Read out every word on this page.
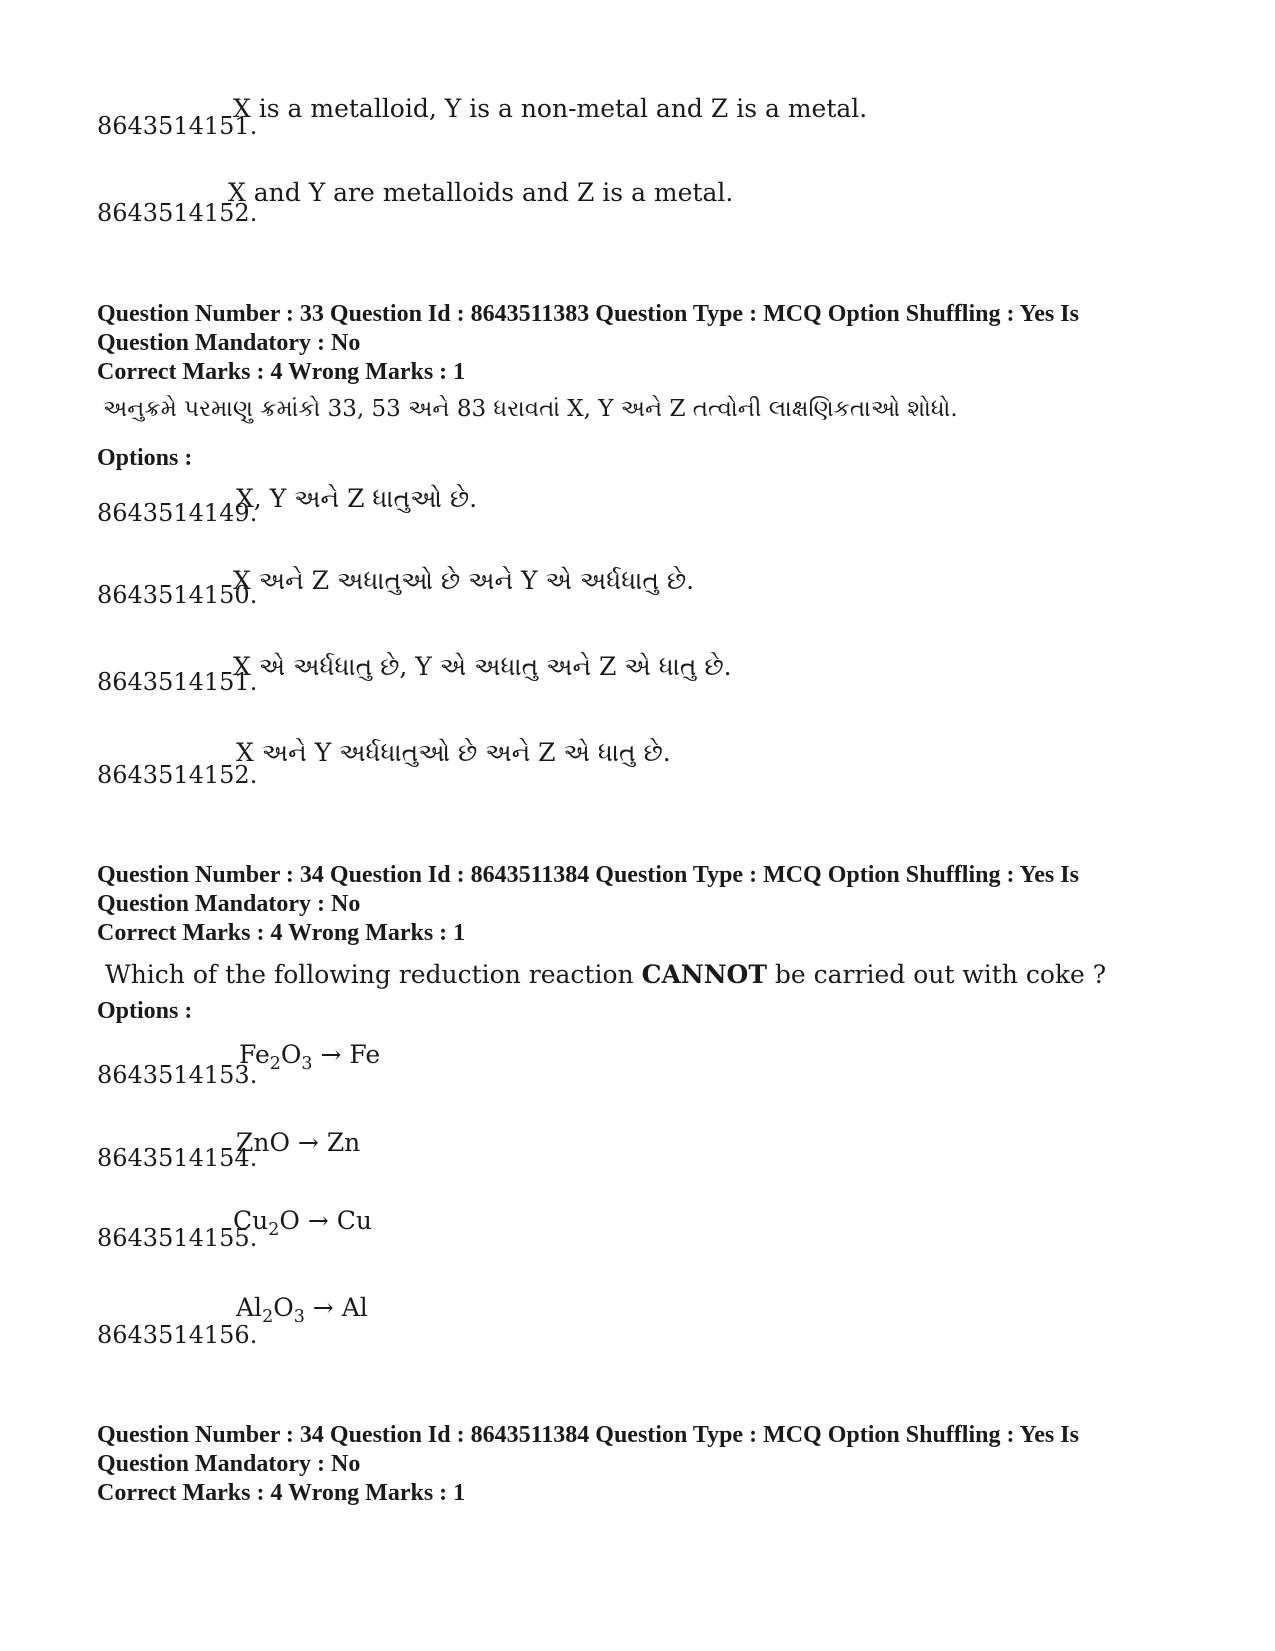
X is a metalloid, Y is a non-metal and Z is a metal.
8643514151.
X and Y are metalloids and Z is a metal.
8643514152.
Question Number : 33 Question Id : 8643511383 Question Type : MCQ Option Shuffling : Yes Is
Question Mandatory : No
Correct Marks : 4 Wrong Marks : 1
અનુક્રમે પરમાણુ ક્રમાંકો 33, 53 અને 83 ધરાવતાં X, Y અને Z તત્વોની લાક્ષણિકતાઓ શોધો.
Options :
X, Y અને Z ધાતુઓ છે.
8643514149.
X અને Z અધાતુઓ છે અને Y એ અર્ધધાતુ છે.
8643514150.
X એ અર્ધધાતુ છે, Y એ અધાતુ અને Z એ ધાતુ છે.
8643514151.
X અને Y અર્ધધાતુઓ છે અને Z એ ધાતુ છે.
8643514152.
Question Number : 34 Question Id : 8643511384 Question Type : MCQ Option Shuffling : Yes Is
Question Mandatory : No
Correct Marks : 4 Wrong Marks : 1
Which of the following reduction reaction CANNOT be carried out with coke ?
Options :
$Fe_2O_3 \to Fe$
8643514153.
ZnO → Zn
8643514154.
$Cu_2O \to Cu$
8643514155.
$Al_2O_3 \to Al$
8643514156.
Question Number : 34 Question Id : 8643511384 Question Type : MCQ Option Shuffling : Yes Is
Question Mandatory : No
Correct Marks : 4 Wrong Marks : 1
